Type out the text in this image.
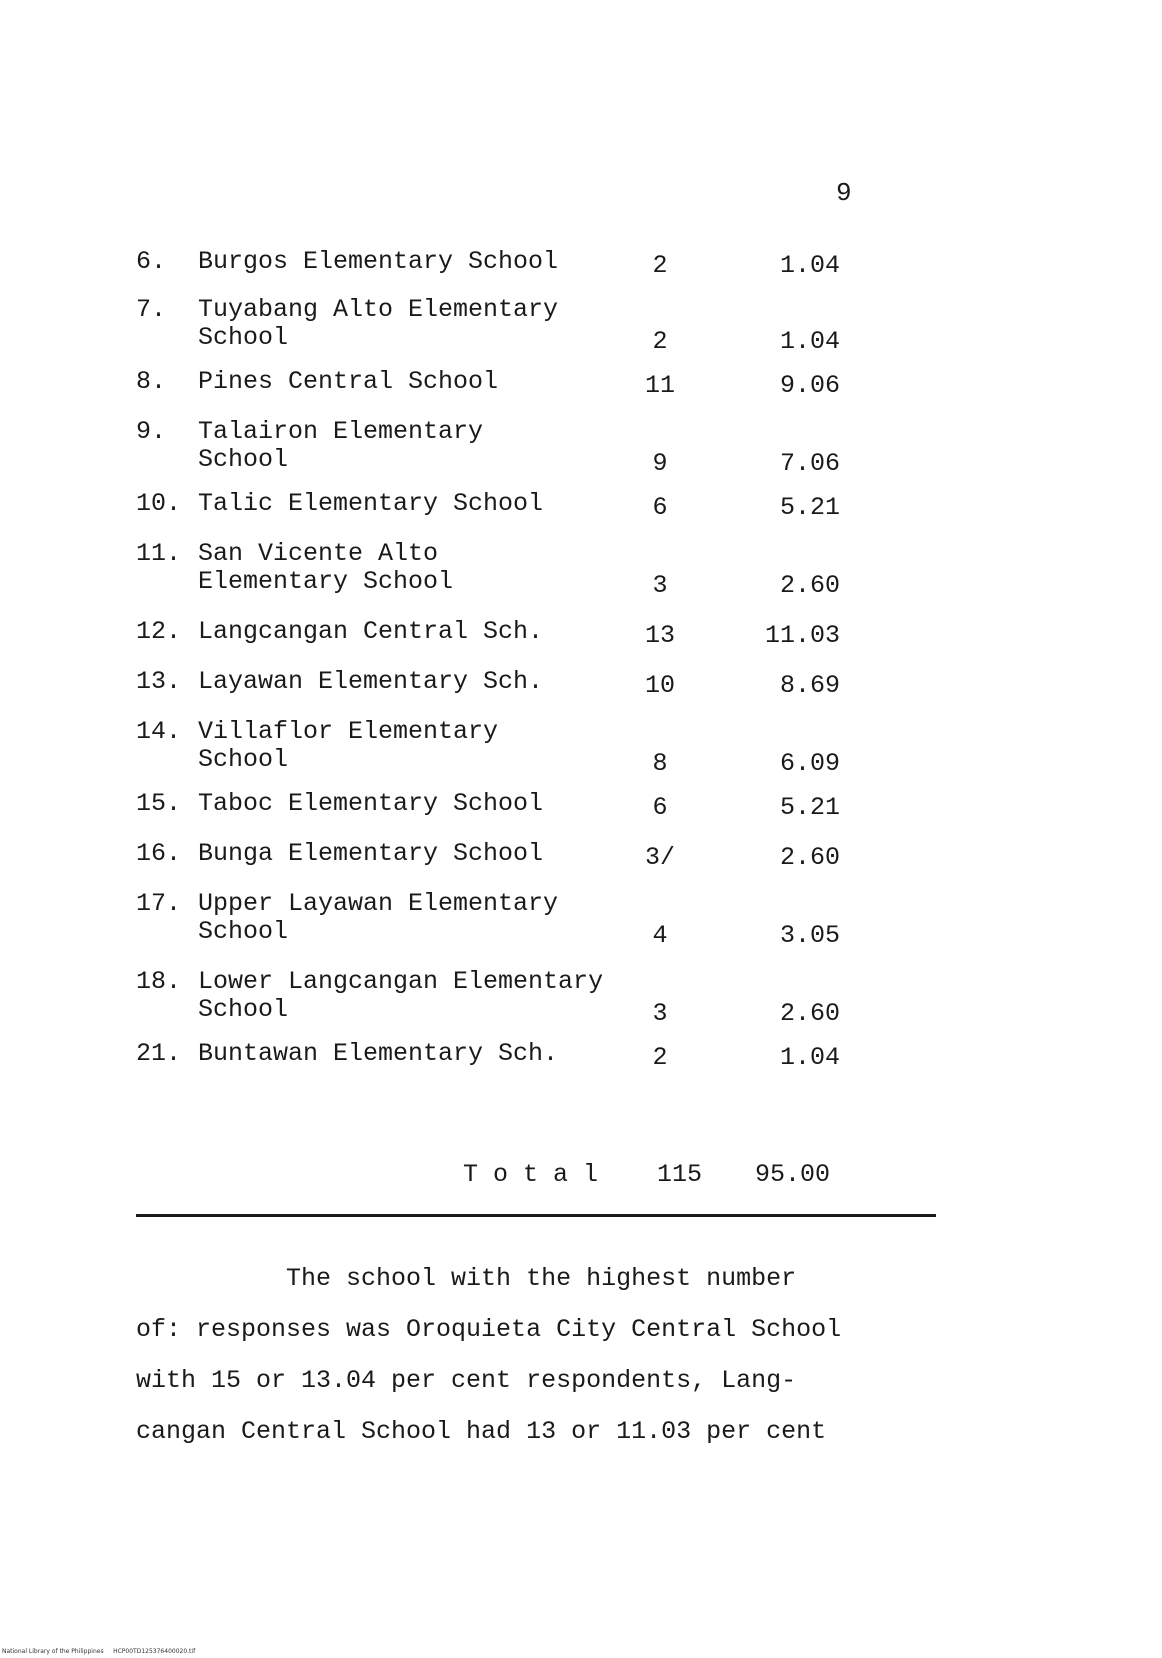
9
6. Burgos Elementary School	2	1.04
7. Tuyabang Alto Elementary
School	2	1.04
8. Pines Central School	11	9.06
9. Talairon Elementary
School	9	7.06
10. Talic Elementary School	6	5.21
11. San Vicente Alto
Elementary School	3	2.60
12. Langcangan Central Sch.	13	11.03
13. Layawan Elementary Sch.	10	8.69
14. Villaflor Elementary
School	8	6.09
15. Taboc Elementary School	6	5.21
16. Bunga Elementary School	3/	2.60
17. Upper Layawan Elementary
School	4	3.05
18. Lower Langcangan Elementary
School	3	2.60
21. Buntawan Elementary Sch.	2	1.04
Total 115 95.00
The school with the highest number
of: responses was Oroquieta City Central School
with 15 or 13.04 per cent respondents, Lang-
cangan Central School had 13 or 11.03 per cent
National Library of the Philippines     HCP00TD125376400020.tif
